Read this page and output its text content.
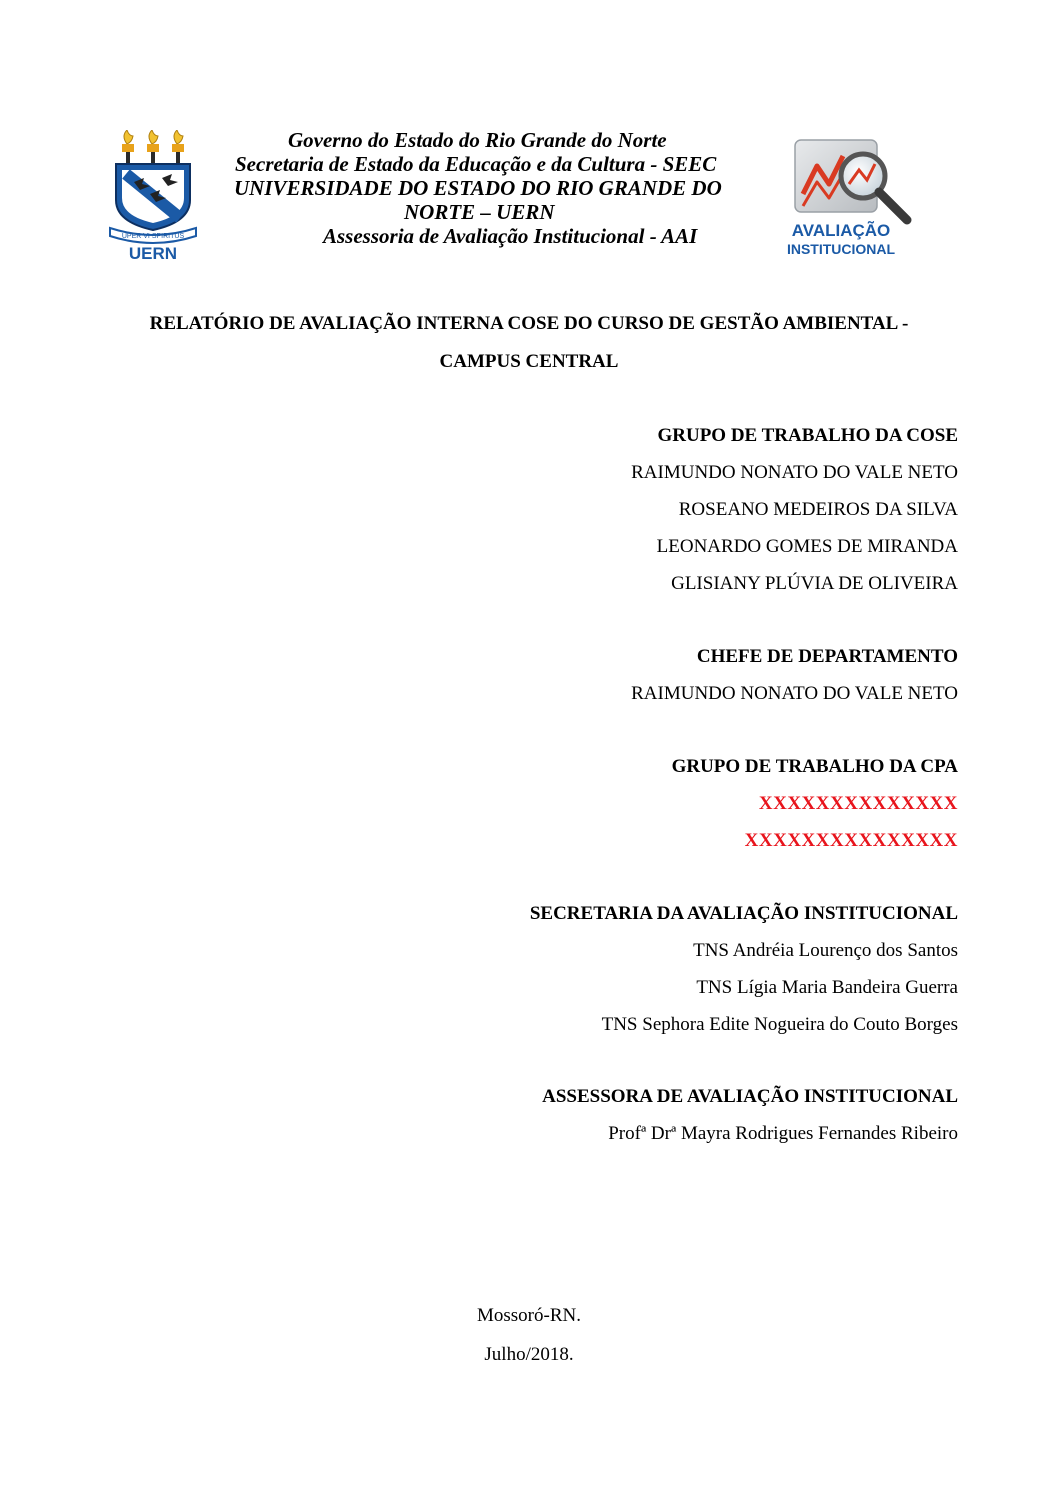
UPER VI SPIRITUS
UERN
AVALIAÇÃO
INSTITUCIONAL
Governo do Estado do Rio Grande do Norte
Secretaria de Estado da Educação e da Cultura - SEEC
UNIVERSIDADE DO ESTADO DO RIO GRANDE DO
NORTE – UERN
Assessoria de Avaliação Institucional - AAI
RELATÓRIO DE AVALIAÇÃO INTERNA COSE DO CURSO DE GESTÃO AMBIENTAL -
CAMPUS CENTRAL
GRUPO DE TRABALHO DA COSE
RAIMUNDO NONATO DO VALE NETO
ROSEANO MEDEIROS DA SILVA
LEONARDO GOMES DE MIRANDA
GLISIANY PLÚVIA DE OLIVEIRA
CHEFE DE DEPARTAMENTO
RAIMUNDO NONATO DO VALE NETO
GRUPO DE TRABALHO DA CPA
XXXXXXXXXXXXXX
XXXXXXXXXXXXXXX
SECRETARIA DA AVALIAÇÃO INSTITUCIONAL
TNS Andréia Lourenço dos Santos
TNS Lígia Maria Bandeira Guerra
TNS Sephora Edite Nogueira do Couto Borges
ASSESSORA DE AVALIAÇÃO INSTITUCIONAL
Profª Drª Mayra Rodrigues Fernandes Ribeiro
Mossoró-RN.
Julho/2018.
